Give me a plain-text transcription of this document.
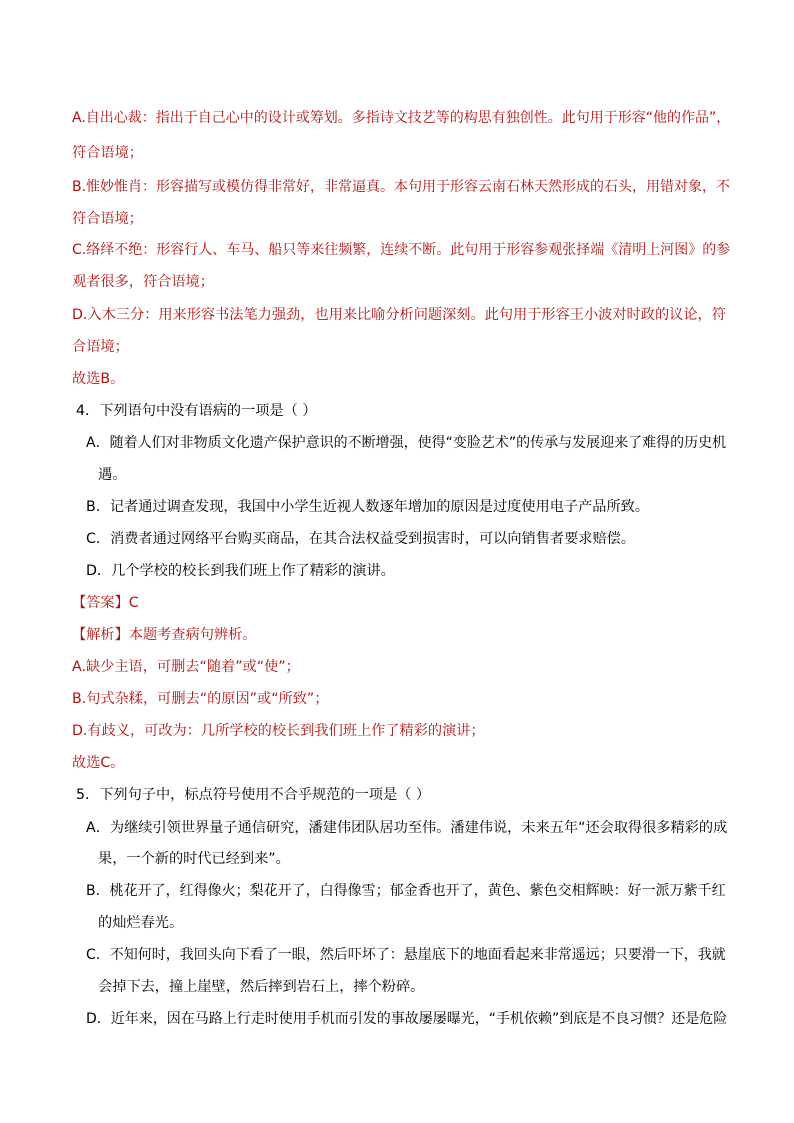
A.自出心裁：指出于自己心中的设计或筹划。多指诗文技艺等的构思有独创性。此句用于形容“他的作品”，
符合语境；
B.惟妙惟肖：形容描写或模仿得非常好，非常逼真。本句用于形容云南石林天然形成的石头，用错对象，不
符合语境；
C.络绎不绝：形容行人、车马、船只等来往频繁，连续不断。此句用于形容参观张择端《清明上河图》的参
观者很多，符合语境；
D.入木三分：用来形容书法笔力强劲，也用来比喻分析问题深刻。此句用于形容王小波对时政的议论，符
合语境；
故选B。
4．下列语句中没有语病的一项是（ ）
A．随着人们对非物质文化遗产保护意识的不断增强，使得“变脸艺术”的传承与发展迎来了难得的历史机
遇。
B．记者通过调查发现，我国中小学生近视人数逐年增加的原因是过度使用电子产品所致。
C．消费者通过网络平台购买商品，在其合法权益受到损害时，可以向销售者要求赔偿。
D．几个学校的校长到我们班上作了精彩的演讲。
【答案】C
【解析】本题考查病句辨析。
A.缺少主语，可删去“随着”或“使”；
B.句式杂糅，可删去“的原因”或“所致”；
D.有歧义，可改为：几所学校的校长到我们班上作了精彩的演讲；
故选C。
5．下列句子中，标点符号使用不合乎规范的一项是（ ）
A．为继续引领世界量子通信研究，潘建伟团队居功至伟。潘建伟说，未来五年“还会取得很多精彩的成
果，一个新的时代已经到来”。
B．桃花开了，红得像火；梨花开了，白得像雪；郁金香也开了，黄色、紫色交相辉映：好一派万紫千红
的灿烂春光。
C．不知何时，我回头向下看了一眼，然后吓坏了：悬崖底下的地面看起来非常遥远；只要滑一下，我就
会掉下去，撞上崖壁，然后摔到岩石上，摔个粉碎。
D．近年来，因在马路上行走时使用手机而引发的事故屡屡曝光，“手机依赖”到底是不良习惯？还是危险
